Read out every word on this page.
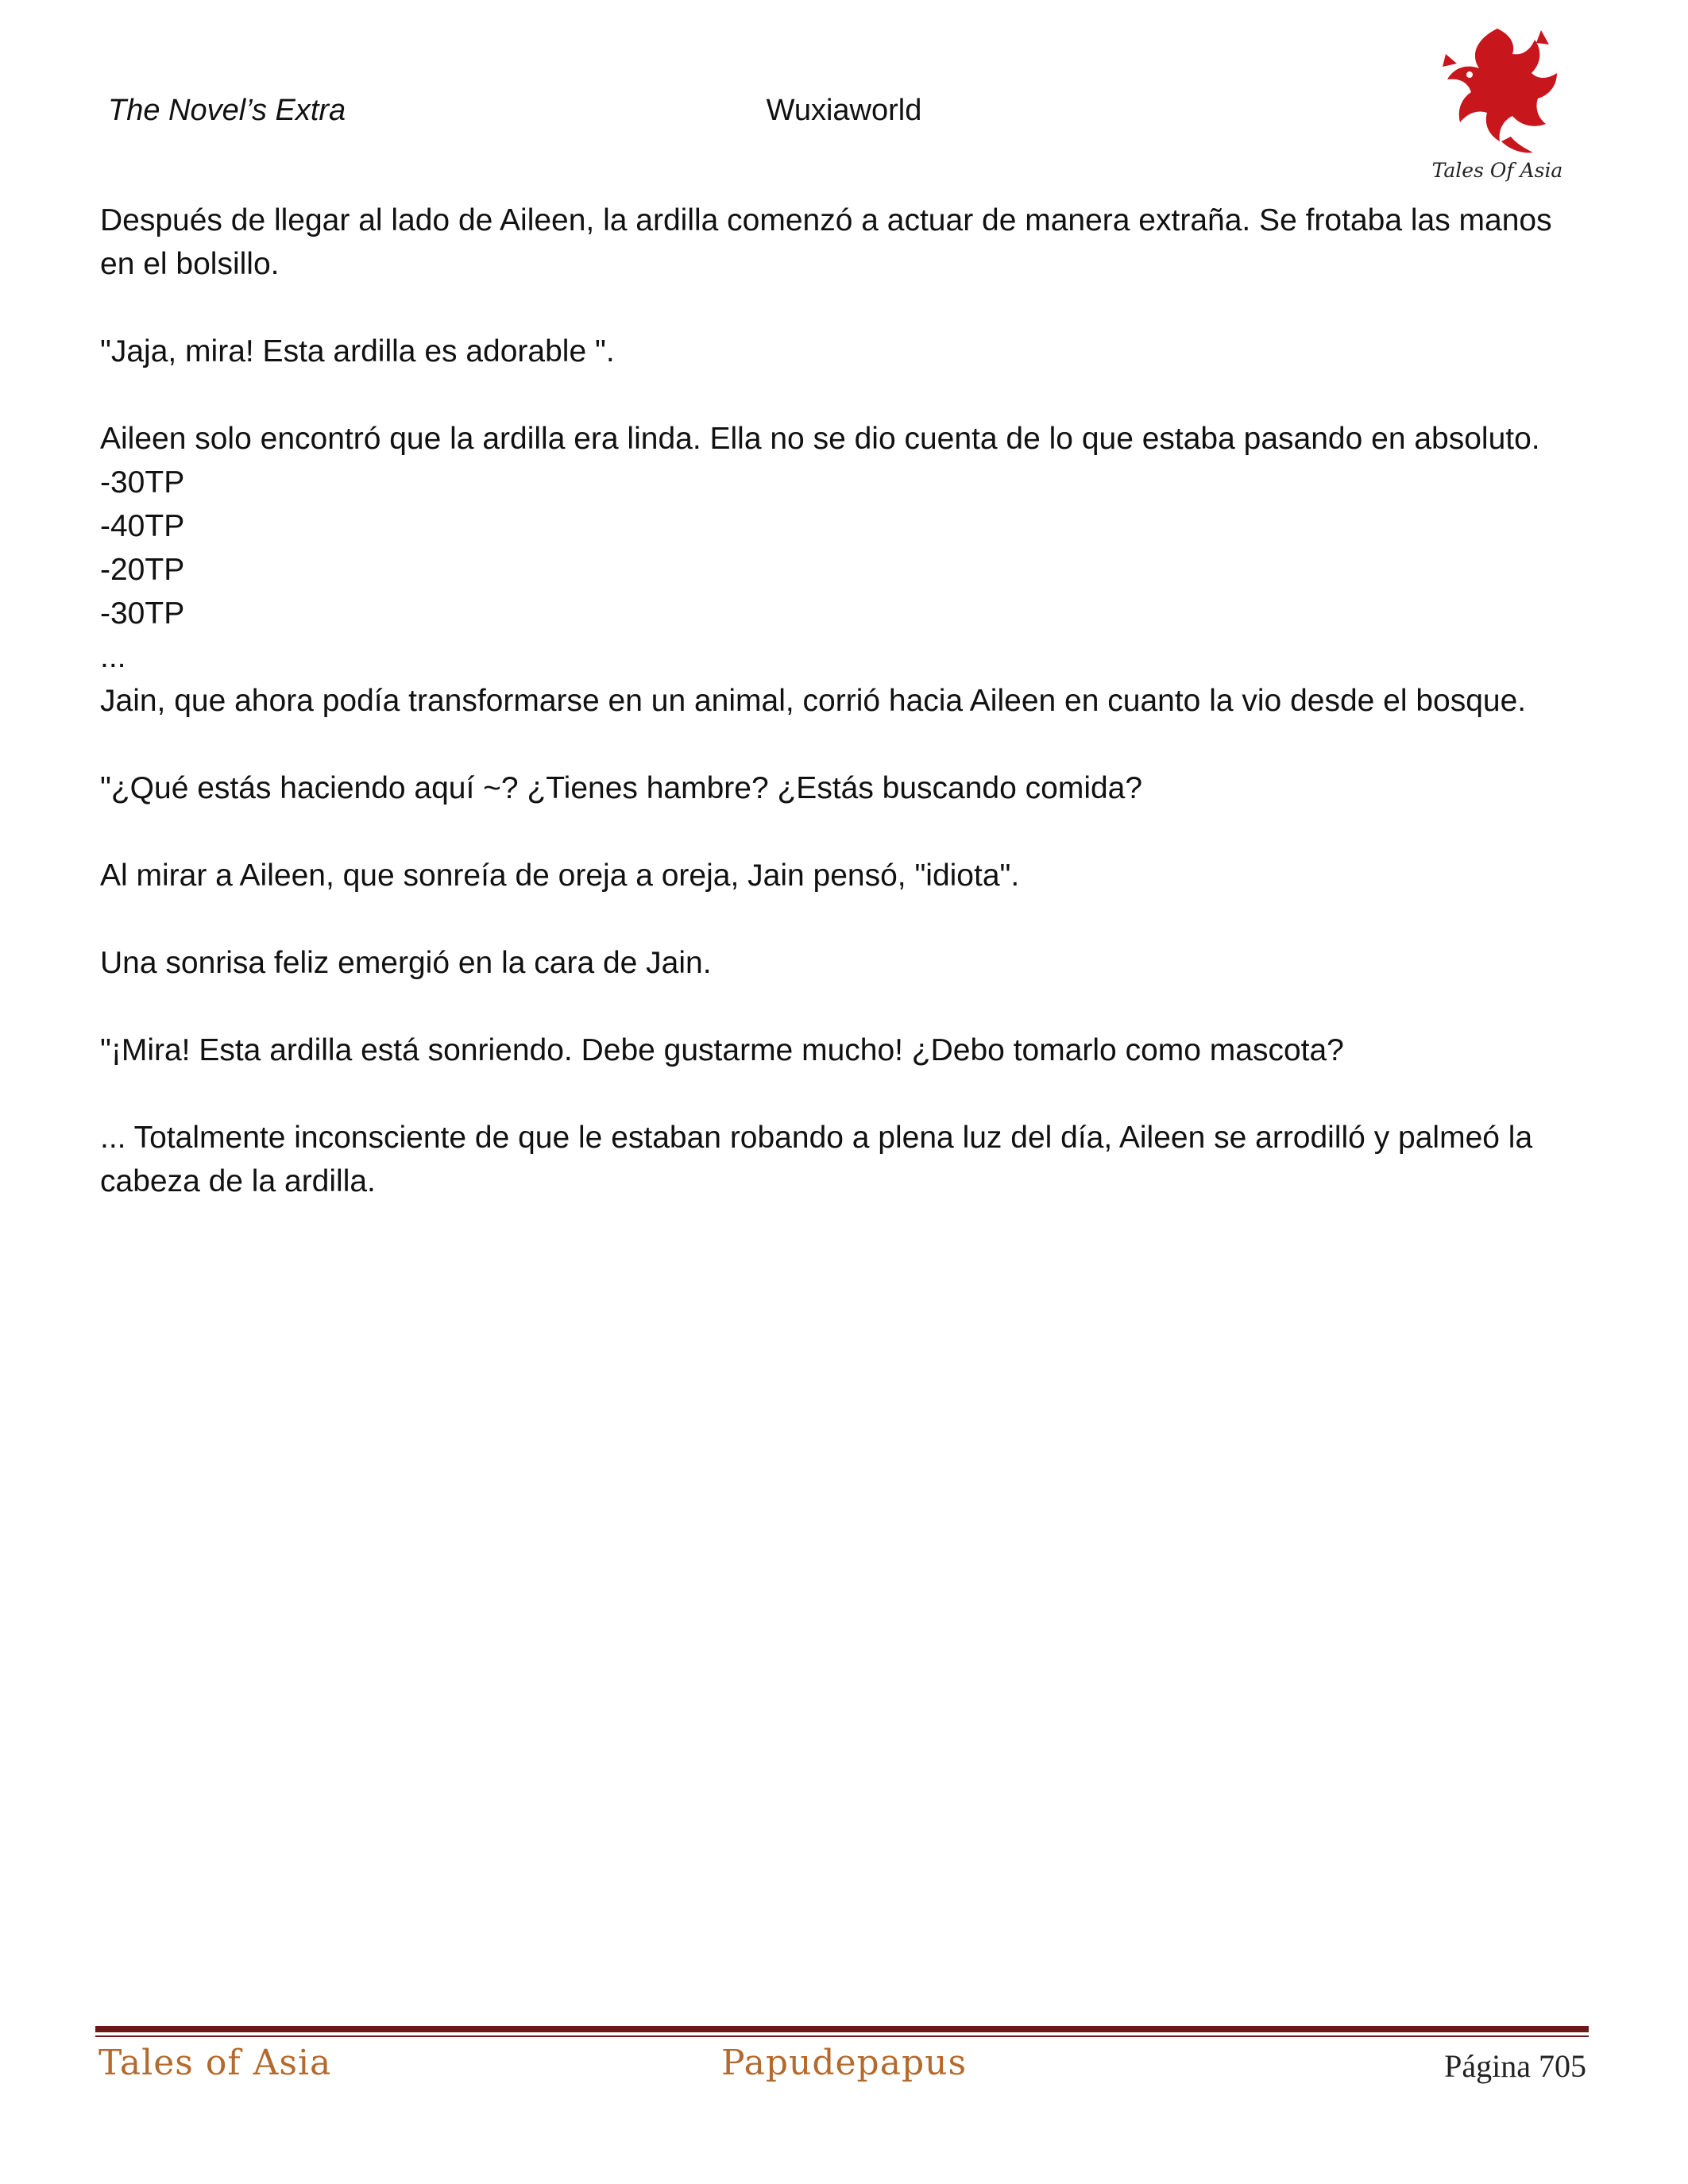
The Novel’s Extra	Wuxiaworld
Tales Of Asia

Después de llegar al lado de Aileen, la ardilla comenzó a actuar de manera extraña. Se frotaba las manos en el bolsillo.

"Jaja, mira! Esta ardilla es adorable ".

Aileen solo encontró que la ardilla era linda. Ella no se dio cuenta de lo que estaba pasando en absoluto.
-30TP
-40TP
-20TP
-30TP
...
Jain, que ahora podía transformarse en un animal, corrió hacia Aileen en cuanto la vio desde el bosque.

"¿Qué estás haciendo aquí ~? ¿Tienes hambre? ¿Estás buscando comida?

Al mirar a Aileen, que sonreía de oreja a oreja, Jain pensó, "idiota".

Una sonrisa feliz emergió en la cara de Jain.

"¡Mira! Esta ardilla está sonriendo. Debe gustarme mucho! ¿Debo tomarlo como mascota?

... Totalmente inconsciente de que le estaban robando a plena luz del día, Aileen se arrodilló y palmeó la cabeza de la ardilla.

Tales of Asia	Papudepapus	Página 705
